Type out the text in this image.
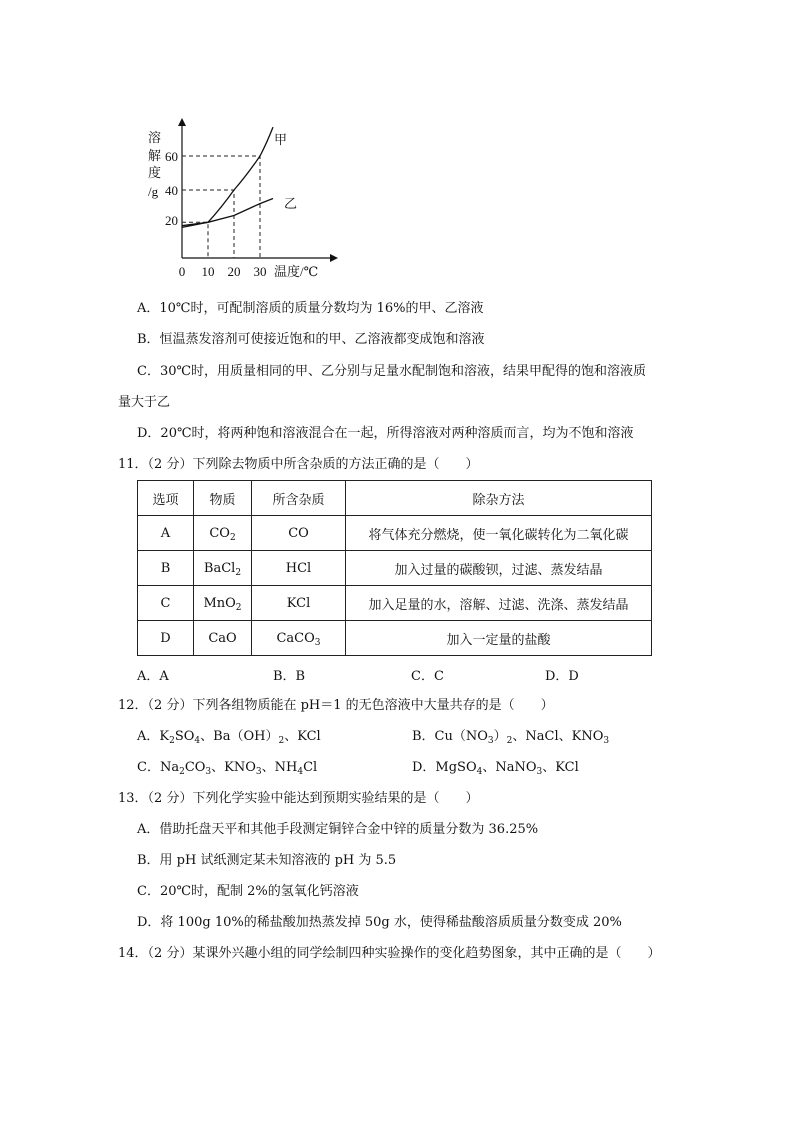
溶
解
度
/g
60
40
20
0 10 20 30 温度/℃
甲
乙
A．10℃时，可配制溶质的质量分数均为 16%的甲、乙溶液
B．恒温蒸发溶剂可使接近饱和的甲、乙溶液都变成饱和溶液
C．30℃时，用质量相同的甲、乙分别与足量水配制饱和溶液，结果甲配得的饱和溶液质
量大于乙
D．20℃时，将两种饱和溶液混合在一起，所得溶液对两种溶质而言，均为不饱和溶液
11．（2 分）下列除去物质中所含杂质的方法正确的是（　　）
选项	物质	所含杂质	除杂方法
A	$CO_2$	CO	将气体充分燃烧，使一氧化碳转化为二氧化碳
B	BaCl$_2$	HCl	加入过量的碳酸钡，过滤、蒸发结晶
C	MnO$_2$	KCl	加入足量的水，溶解、过滤、洗涤、蒸发结晶
D	CaO	CaCO$_3$	加入一定量的盐酸
A．A	B．B	C．C	D．D
12．（2 分）下列各组物质能在 pH＝1 的无色溶液中大量共存的是（　　）
A．$K_2SO_4$、$Ba(OH)_2$、KCl	B．$Cu(NO_3)_2$、NaCl、$KNO_3$
C．$Na_2CO_3$、$KNO_3$、$NH_4Cl$	D．MgSO$_4$、NaNO$_3$、KCl
13．（2 分）下列化学实验中能达到预期实验结果的是（　　）
A．借助托盘天平和其他手段测定铜锌合金中锌的质量分数为 36.25%
B．用 pH 试纸测定某未知溶液的 pH 为 5.5
C．20℃时，配制 2%的氢氧化钙溶液
D．将 100g 10%的稀盐酸加热蒸发掉 50g 水，使得稀盐酸溶质质量分数变成 20%
14．（2 分）某课外兴趣小组的同学绘制四种实验操作的变化趋势图象，其中正确的是（　　）
